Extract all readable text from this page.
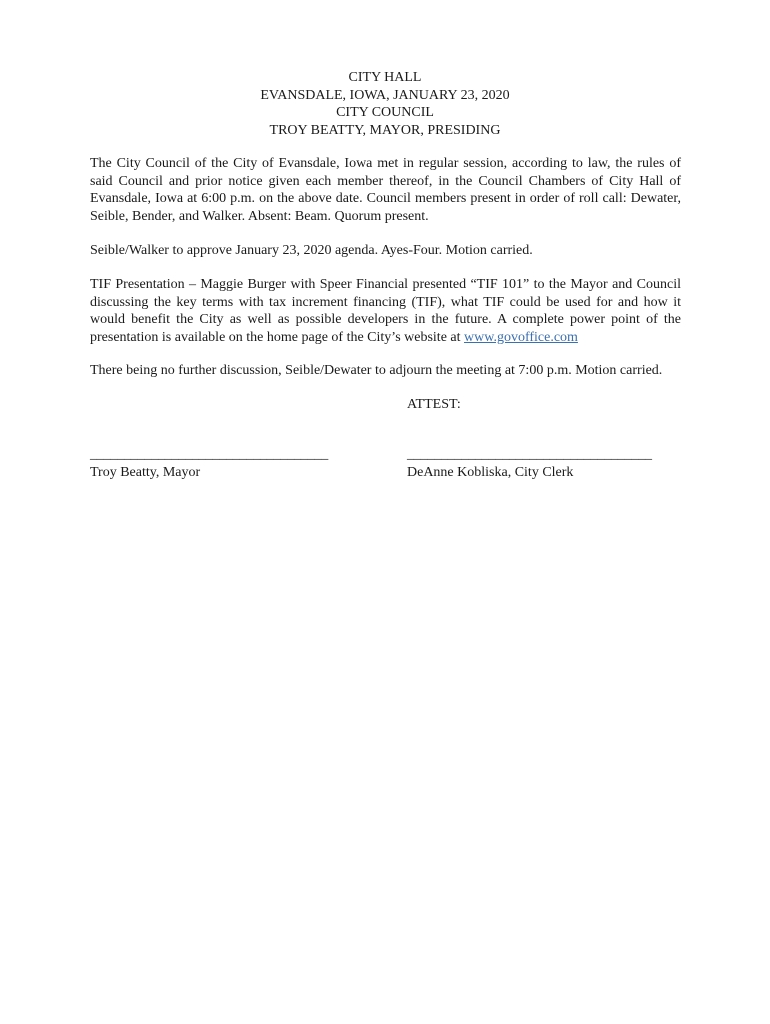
CITY HALL
EVANSDALE, IOWA, JANUARY 23, 2020
CITY COUNCIL
TROY BEATTY, MAYOR, PRESIDING

The City Council of the City of Evansdale, Iowa met in regular session, according to law, the rules of said Council and prior notice given each member thereof, in the Council Chambers of City Hall of Evansdale, Iowa at 6:00 p.m. on the above date. Council members present in order of roll call: Dewater, Seible, Bender, and Walker. Absent: Beam. Quorum present.

Seible/Walker to approve January 23, 2020 agenda. Ayes-Four. Motion carried.

TIF Presentation – Maggie Burger with Speer Financial presented “TIF 101” to the Mayor and Council discussing the key terms with tax increment financing (TIF), what TIF could be used for and how it would benefit the City as well as possible developers in the future. A complete power point of the presentation is available on the home page of the City’s website at www.govoffice.com

There being no further discussion, Seible/Dewater to adjourn the meeting at 7:00 p.m. Motion carried.

ATTEST:
___________________________________
Troy Beatty, Mayor
____________________________________
DeAnne Kobliska, City Clerk
